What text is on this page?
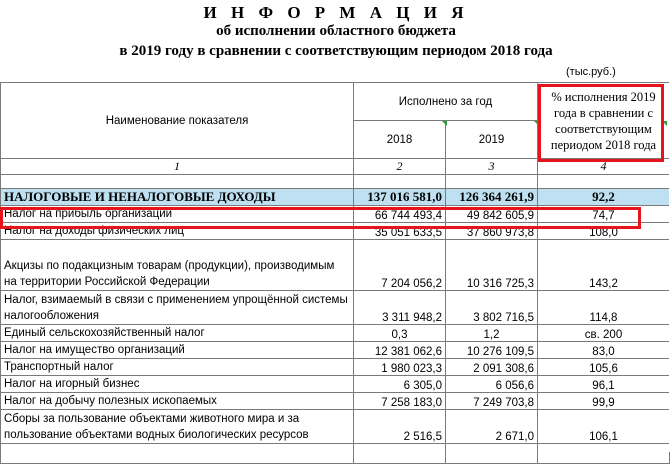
И Н Ф О Р М А Ц И Я
об исполнении областного бюджета
в 2019 году в сравнении с соответствующим периодом 2018 года
(тыс.руб.)
Наименование показателя	Исполнено за год		% исполнения 2019 года в сравнении с соответствующим периодом 2018 года
	2018	2019	
1	2	3	4

НАЛОГОВЫЕ И НЕНАЛОГОВЫЕ ДОХОДЫ	137 016 581,0	126 364 261,9	92,2
Налог на прибыль организаций	66 744 493,4	49 842 605,9	74,7
Налог на доходы физических лиц	35 051 633,5	37 860 973,8	108,0
Акцизы по подакцизным товарам (продукции), производимым на территории Российской Федерации	7 204 056,2	10 316 725,3	143,2
Налог, взимаемый в связи с применением упрощённой системы налогообложения	3 311 948,2	3 802 716,5	114,8
Единый сельскохозяйственный налог	0,3	1,2	св. 200
Налог на имущество организаций	12 381 062,6	10 276 109,5	83,0
Транспортный налог	1 980 023,3	2 091 308,6	105,6
Налог на игорный бизнес	6 305,0	6 056,6	96,1
Налог на добычу полезных ископаемых	7 258 183,0	7 249 703,8	99,9
Сборы за пользование объектами животного мира и за пользование объектами водных биологических ресурсов	2 516,5	2 671,0	106,1
